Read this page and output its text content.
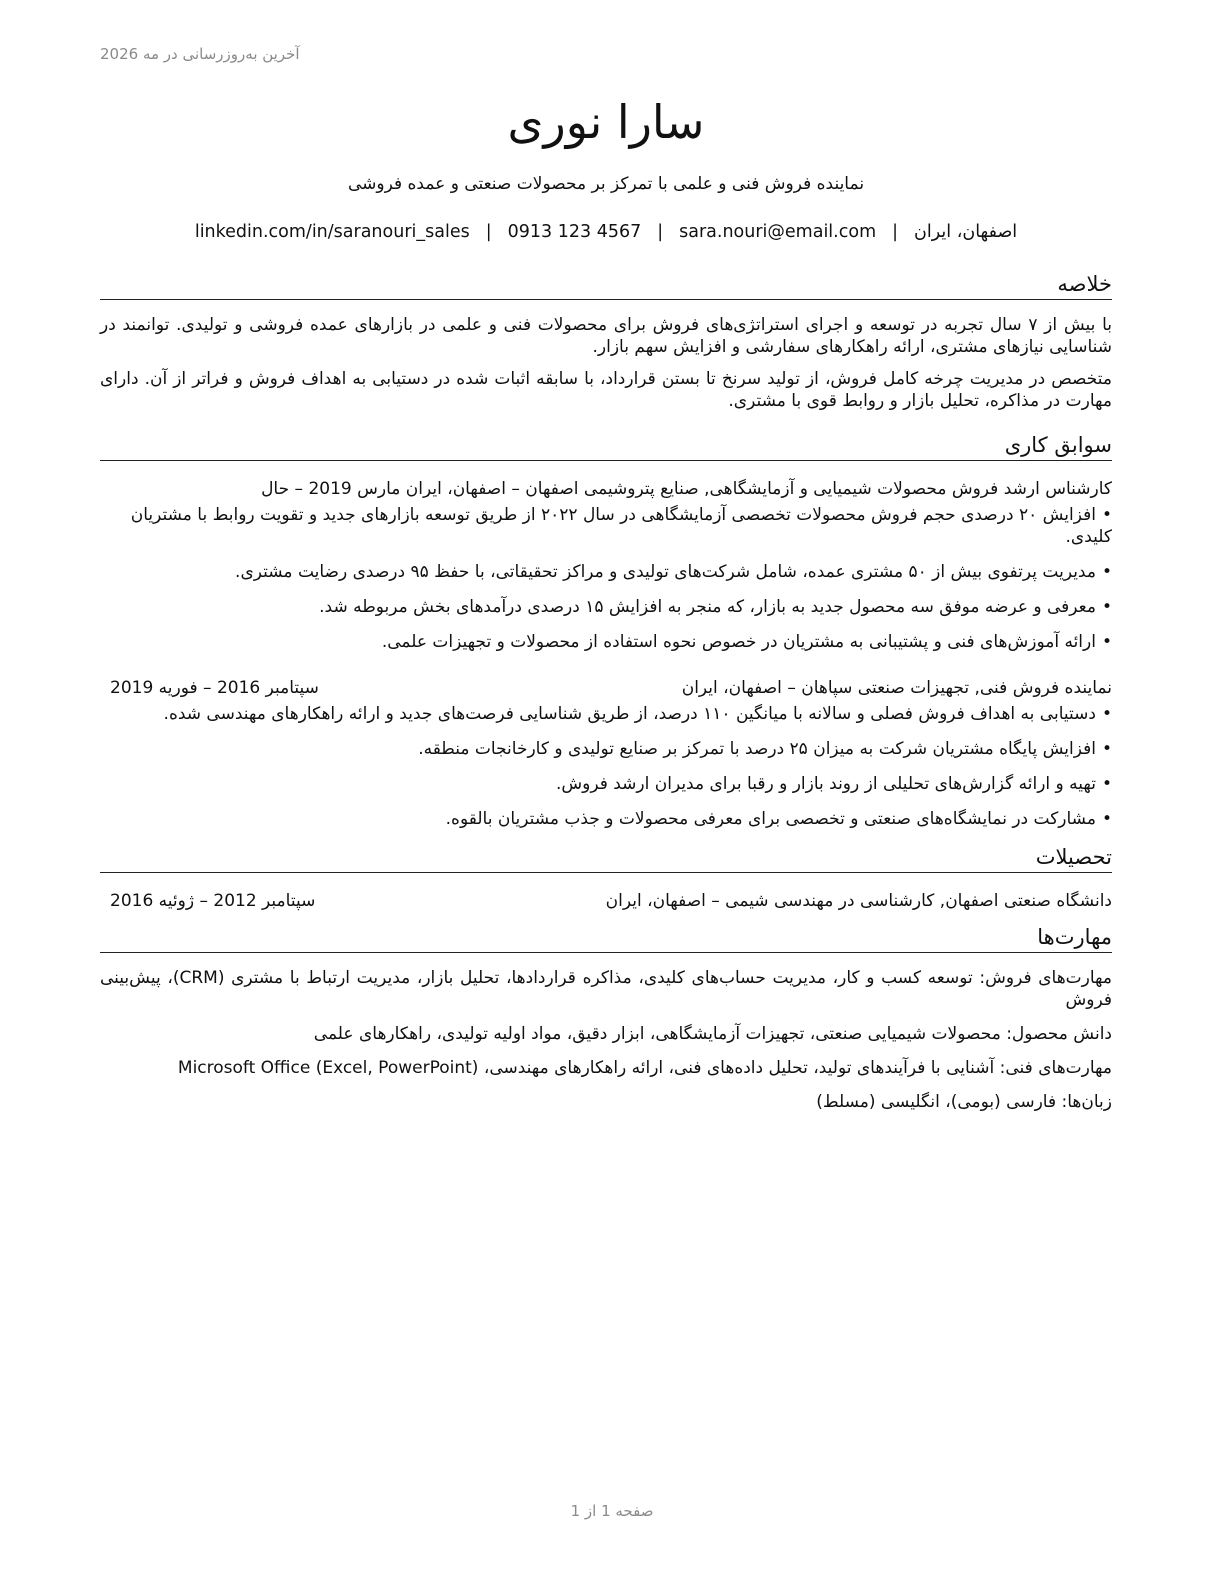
آخرین به‌روزرسانی در مه 2026
سارا نوری
نماینده فروش فنی و علمی با تمرکز بر محصولات صنعتی و عمده فروشی
اصفهان، ایران|sara.nouri@email.com|0913 123 4567|linkedin.com/in/saranouri_sales
خلاصه

با بیش از ۷ سال تجربه در توسعه و اجرای استراتژی‌های فروش برای محصولات فنی و علمی در بازارهای عمده فروشی و تولیدی. توانمند در شناسایی نیازهای مشتری، ارائه راهکارهای سفارشی و افزایش سهم بازار.

متخصص در مدیریت چرخه کامل فروش، از تولید سرنخ تا بستن قرارداد، با سابقه اثبات شده در دستیابی به اهداف فروش و فراتر از آن. دارای مهارت در مذاکره، تحلیل بازار و روابط قوی با مشتری.

سوابق کاری
کارشناس ارشد فروش محصولات شیمیایی و آزمایشگاهی, صنایع پتروشیمی اصفهان – اصفهان، ایران مارس 2019 – حال
•افزایش ۲۰ درصدی حجم فروش محصولات تخصصی آزمایشگاهی در سال ۲۰۲۲ از طریق توسعه بازارهای جدید و تقویت روابط با مشتریان کلیدی.
•مدیریت پرتفوی بیش از ۵۰ مشتری عمده، شامل شرکت‌های تولیدی و مراکز تحقیقاتی، با حفظ ۹۵ درصدی رضایت مشتری.
•معرفی و عرضه موفق سه محصول جدید به بازار، که منجر به افزایش ۱۵ درصدی درآمدهای بخش مربوطه شد.
•ارائه آموزش‌های فنی و پشتیبانی به مشتریان در خصوص نحوه استفاده از محصولات و تجهیزات علمی.
نماینده فروش فنی, تجهیزات صنعتی سپاهان – اصفهان، ایران
سپتامبر 2016 – فوریه 2019
•دستیابی به اهداف فروش فصلی و سالانه با میانگین ۱۱۰ درصد، از طریق شناسایی فرصت‌های جدید و ارائه راهکارهای مهندسی شده.
•افزایش پایگاه مشتریان شرکت به میزان ۲۵ درصد با تمرکز بر صنایع تولیدی و کارخانجات منطقه.
•تهیه و ارائه گزارش‌های تحلیلی از روند بازار و رقبا برای مدیران ارشد فروش.
•مشارکت در نمایشگاه‌های صنعتی و تخصصی برای معرفی محصولات و جذب مشتریان بالقوه.
تحصیلات
دانشگاه صنعتی اصفهان, کارشناسی در مهندسی شیمی – اصفهان، ایران
سپتامبر 2012 – ژوئیه 2016
مهارت‌ها

مهارت‌های فروش: توسعه کسب و کار، مدیریت حساب‌های کلیدی، مذاکره قراردادها، تحلیل بازار، مدیریت ارتباط با مشتری (CRM)، پیش‌بینی فروش

دانش محصول: محصولات شیمیایی صنعتی، تجهیزات آزمایشگاهی، ابزار دقیق، مواد اولیه تولیدی، راهکارهای علمی

مهارت‌های فنی: آشنایی با فرآیندهای تولید، تحلیل داده‌های فنی، ارائه راهکارهای مهندسی، Microsoft Office (Excel, PowerPoint)

زبان‌ها: فارسی (بومی)، انگلیسی (مسلط)

صفحه 1 از 1
